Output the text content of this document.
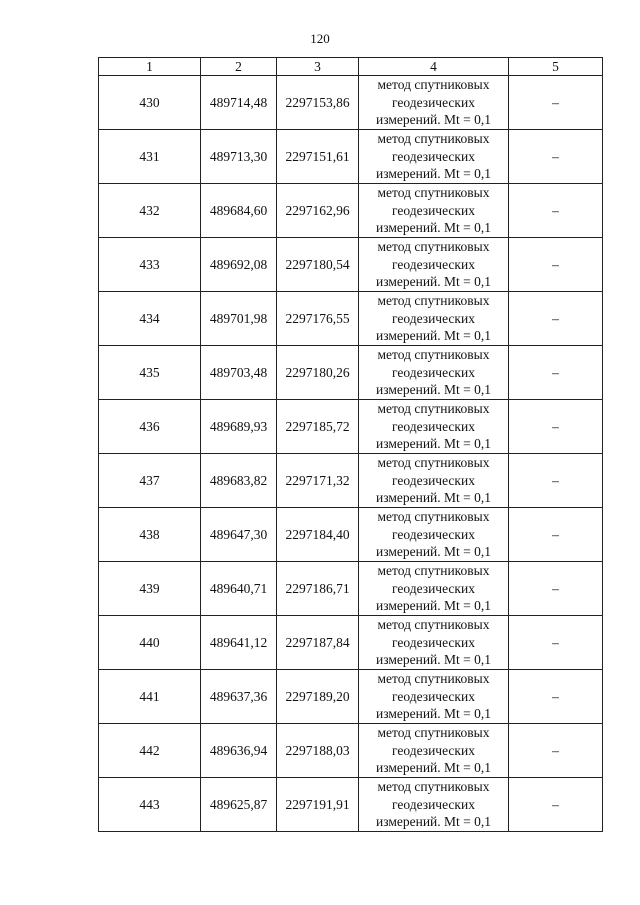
120
1	2	3	4	5
430	489714,48	2297153,86	метод спутниковых
геодезических
измерений. Mt = 0,1	–
431	489713,30	2297151,61	метод спутниковых
геодезических
измерений. Mt = 0,1	–
432	489684,60	2297162,96	метод спутниковых
геодезических
измерений. Mt = 0,1	–
433	489692,08	2297180,54	метод спутниковых
геодезических
измерений. Mt = 0,1	–
434	489701,98	2297176,55	метод спутниковых
геодезических
измерений. Mt = 0,1	–
435	489703,48	2297180,26	метод спутниковых
геодезических
измерений. Mt = 0,1	–
436	489689,93	2297185,72	метод спутниковых
геодезических
измерений. Mt = 0,1	–
437	489683,82	2297171,32	метод спутниковых
геодезических
измерений. Mt = 0,1	–
438	489647,30	2297184,40	метод спутниковых
геодезических
измерений. Mt = 0,1	–
439	489640,71	2297186,71	метод спутниковых
геодезических
измерений. Mt = 0,1	–
440	489641,12	2297187,84	метод спутниковых
геодезических
измерений. Mt = 0,1	–
441	489637,36	2297189,20	метод спутниковых
геодезических
измерений. Mt = 0,1	–
442	489636,94	2297188,03	метод спутниковых
геодезических
измерений. Mt = 0,1	–
443	489625,87	2297191,91	метод спутниковых
геодезических
измерений. Mt = 0,1	–
